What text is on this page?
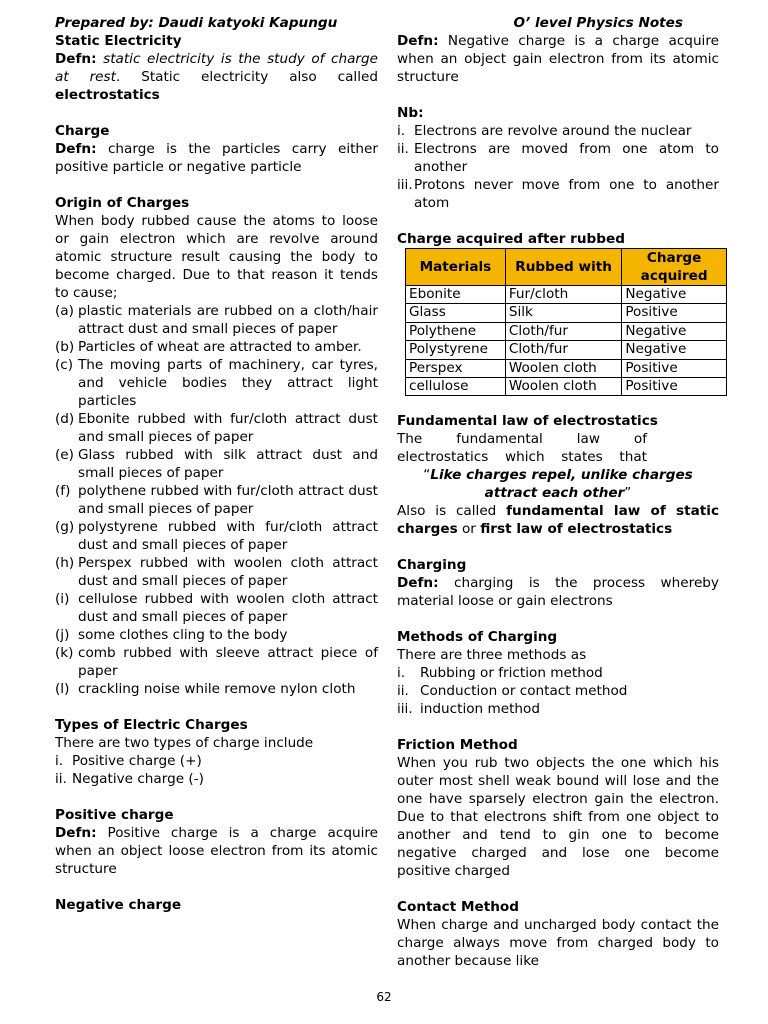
Prepared by: Daudi katyoki Kapungu
Static Electricity

Defn: static electricity is the study of charge at rest. Static electricity also called electrostatics

Charge

Defn: charge is the particles carry either positive particle or negative particle

Origin of Charges

When body rubbed cause the atoms to loose or gain electron which are revolve around atomic structure result causing the body to become charged. Due to that reason it tends to cause;

(a) plastic materials are rubbed on a cloth/hair attract dust and small pieces of paper
(b) Particles of wheat are attracted to amber.
(c) The moving parts of machinery, car tyres, and vehicle bodies they attract light particles
(d) Ebonite rubbed with fur/cloth attract dust and small pieces of paper
(e) Glass rubbed with silk attract dust and small pieces of paper
(f) polythene rubbed with fur/cloth attract dust and small pieces of paper
(g) polystyrene rubbed with fur/cloth attract dust and small pieces of paper
(h) Perspex rubbed with woolen cloth attract dust and small pieces of paper
(i) cellulose rubbed with woolen cloth attract dust and small pieces of paper
(j) some clothes cling to the body
(k) comb rubbed with sleeve attract piece of paper
(l) crackling noise while remove nylon cloth
Types of Electric Charges
There are two types of charge include
i. Positive charge (+)
ii. Negative charge (-)
Positive charge

Defn: Positive charge is a charge acquire when an object loose electron from its atomic structure

Negative charge
O’ level Physics Notes

Defn: Negative charge is a charge acquire when an object gain electron from its atomic structure

Nb:
i. Electrons are revolve around the nuclear
ii. Electrons are moved from one atom to another
iii. Protons never move from one to another atom
Charge acquired after rubbed
Materials	Rubbed with	Charge acquired
Ebonite	Fur/cloth	Negative
Glass	Silk	Positive
Polythene	Cloth/fur	Negative
Polystyrene	Cloth/fur	Negative
Perspex	Woolen cloth	Positive
cellulose	Woolen cloth	Positive
Fundamental law of electrostatics

The fundamental law of electrostatics which states that

“Like charges repel, unlike charges attract each other”

Also is called fundamental law of static charges or first law of electrostatics

Charging

Defn: charging is the process whereby material loose or gain electrons

Methods of Charging
There are three methods as
i.	Rubbing or friction method
ii. Conduction or contact method
iii. induction method
Friction Method

When you rub two objects the one which his outer most shell weak bound will lose and the one have sparsely electron gain the electron. Due to that electrons shift from one object to another and tend to gin one to become negative charged and lose one become positive charged

Contact Method

When charge and uncharged body contact the charge always move from charged body to another because like

62
